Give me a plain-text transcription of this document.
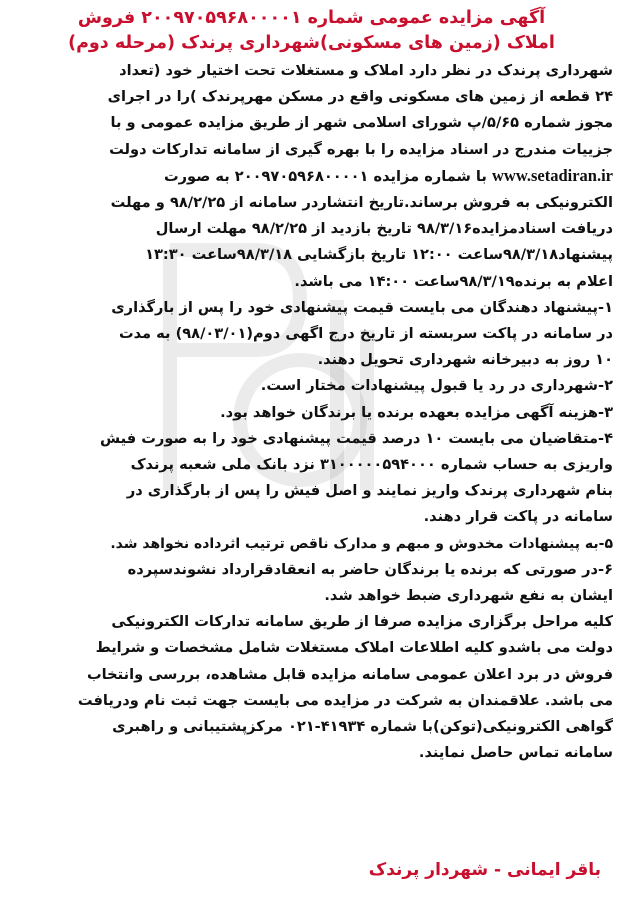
آگهی مزایده عمومی شماره ۲۰۰۹۷۰۵۹۶۸۰۰۰۰۱ فروش
املاک (زمین های مسکونی)شهرداری پرندک (مرحله دوم)
شهرداری پرندک در نظر دارد املاک و مستغلات تحت اختیار خود (تعداد
۲۴ قطعه از زمین های مسکونی واقع در مسکن مهرپرندک )را در اجرای
مجوز شماره ۵/۶۵/پ شورای اسلامی شهر از طریق مزایده عمومی و با
جزییات مندرج در اسناد مزایده را با بهره گیری از سامانه تدارکات دولت
www.setadiran.ir با شماره مزایده ۲۰۰۹۷۰۵۹۶۸۰۰۰۰۱ به صورت
الکترونیکی به فروش برساند.تاریخ انتشاردر سامانه از ۹۸/۲/۲۵ و مهلت
دریافت اسنادمزایده۹۸/۳/۱۶ تاریخ بازدید از ۹۸/۲/۲۵ مهلت ارسال
پیشنهاد۹۸/۳/۱۸ساعت ۱۲:۰۰ تاریخ بازگشایی ۹۸/۳/۱۸ساعت ۱۳:۳۰
اعلام به برنده۹۸/۳/۱۹ساعت ۱۴:۰۰ می باشد.
۱-پیشنهاد دهندگان می بایست قیمت پیشنهادی خود را پس از بارگذاری
در سامانه در پاکت سربسته از تاریخ درج اگهی دوم(۹۸/۰۳/۰۱) به مدت
۱۰ روز به دبیرخانه شهرداری تحویل دهند.
۲-شهرداری در رد یا قبول پیشنهادات مختار است.
۳-هزینه آگهی مزایده بعهده برنده یا برندگان خواهد بود.
۴-متقاضیان می بایست ۱۰ درصد قیمت پیشنهادی خود را به صورت فیش
واریزی به حساب شماره ۳۱۰۰۰۰۰۵۹۴۰۰۰ نزد بانک ملی شعبه پرندک
بنام شهرداری پرندک واریز نمایند و اصل فیش را پس از بارگذاری در
سامانه در پاکت قرار دهند.
۵-به پیشنهادات مخدوش و مبهم و مدارک ناقص ترتیب اثرداده نخواهد شد.
۶-در صورتی که برنده یا برندگان حاضر به انعقادقرارداد نشوندسپرده
ایشان به نفع شهرداری ضبط خواهد شد.
کلیه مراحل برگزاری مزایده صرفا از طریق سامانه تدارکات الکترونیکی
دولت می باشدو کلیه اطلاعات املاک مستغلات شامل مشخصات و شرایط
فروش در برد اعلان عمومی سامانه مزایده قابل مشاهده، بررسی وانتخاب
می باشد. علاقمندان به شرکت در مزایده می بایست جهت ثبت نام ودریافت
گواهی الکترونیکی(توکن)با شماره ۴۱۹۳۴-۰۲۱ مرکزپشتیبانی و راهبری
سامانه تماس حاصل نمایند.
باقر ایمانی - شهردار پرندک
